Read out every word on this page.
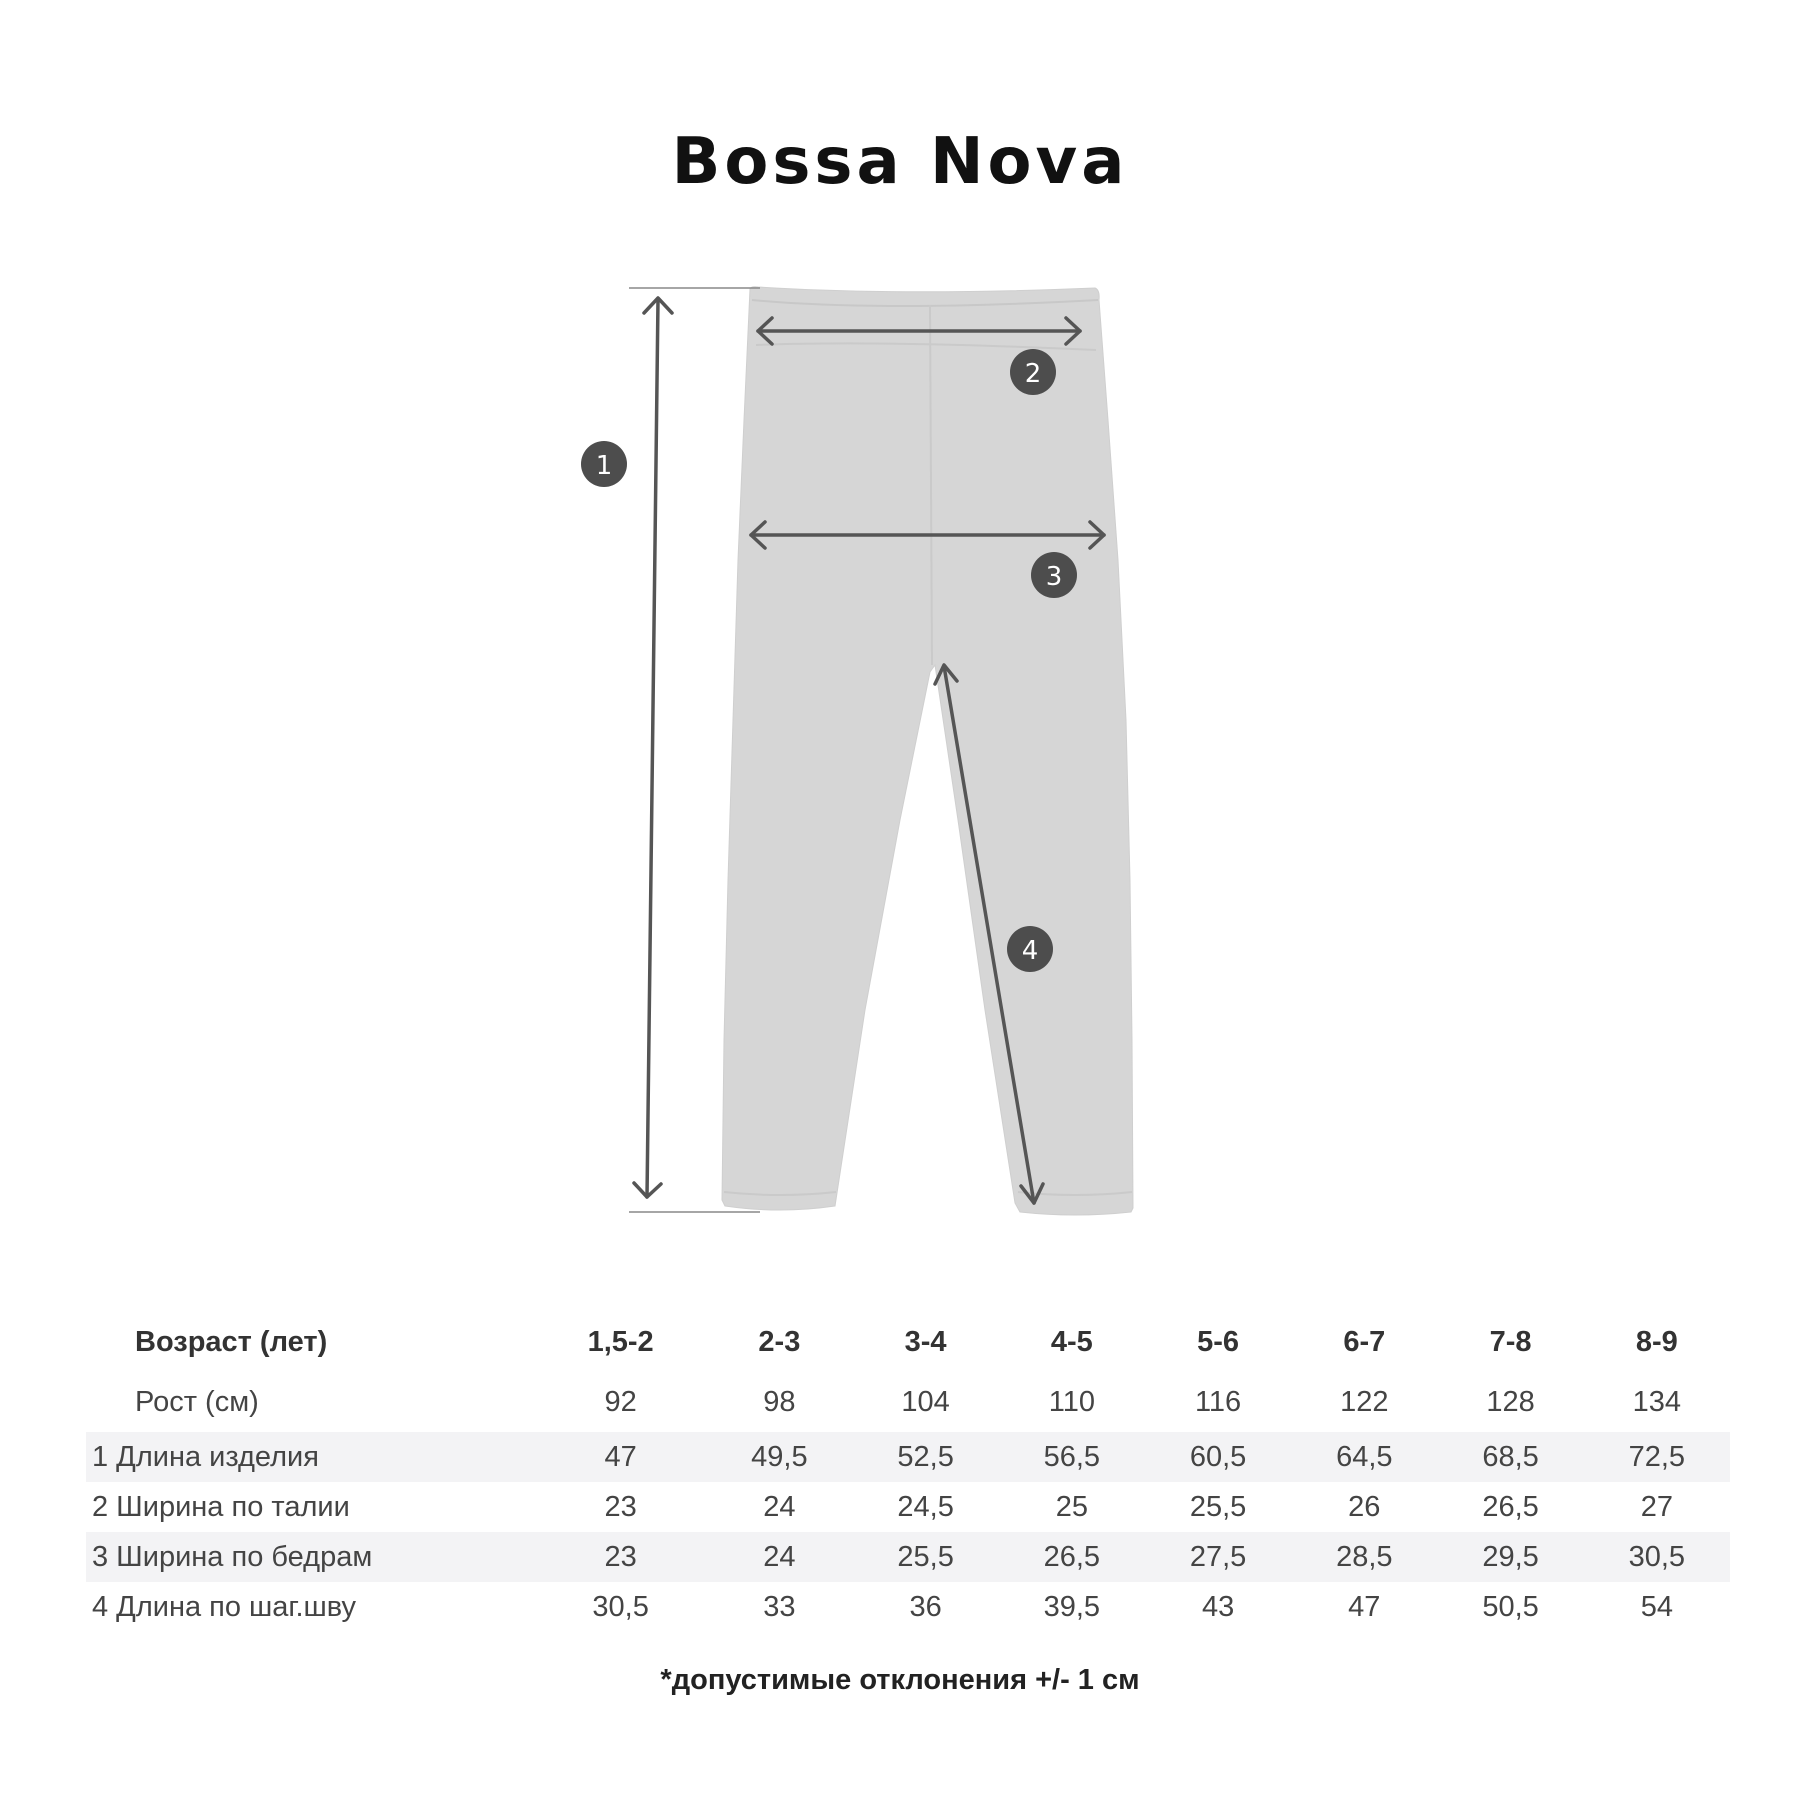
Bossa Nova
1
2
3
4
Возраст (лет)	1,5-2	2-3	3-4	4-5	5-6	6-7	7-8	8-9
Рост (см)	92	98	104	110	116	122	128	134
1 Длина изделия	47	49,5	52,5	56,5	60,5	64,5	68,5	72,5
2 Ширина по талии	23	24	24,5	25	25,5	26	26,5	27
3 Ширина по бедрам	23	24	25,5	26,5	27,5	28,5	29,5	30,5
4 Длина по шаг.шву	30,5	33	36	39,5	43	47	50,5	54
*допустимые отклонения +/- 1 см
